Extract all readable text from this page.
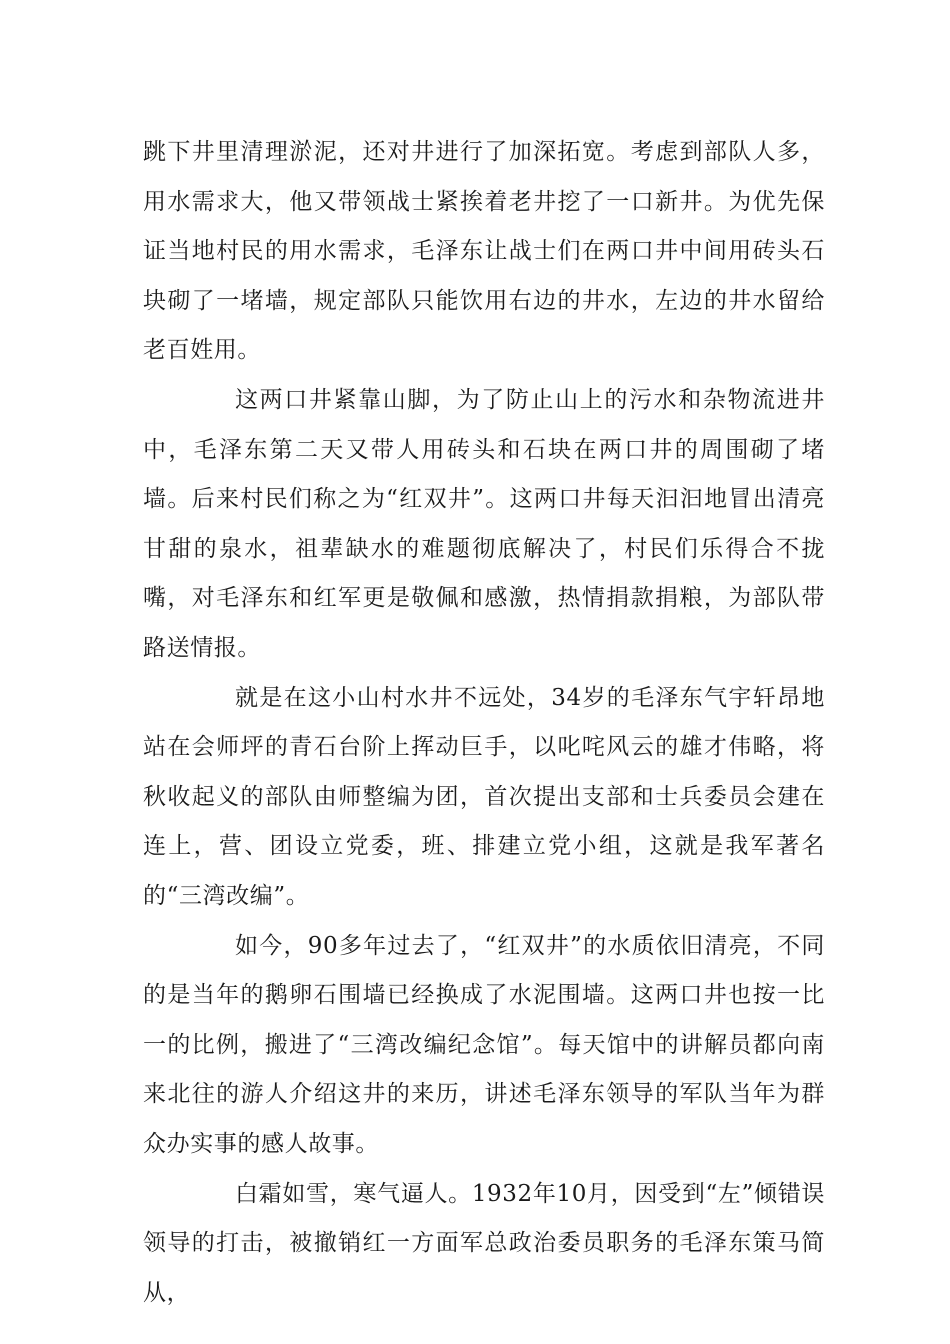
跳下井里清理淤泥，还对井进行了加深拓宽。考虑到部队人多，用水需求大，他又带领战士紧挨着老井挖了一口新井。为优先保证当地村民的用水需求，毛泽东让战士们在两口井中间用砖头石块砌了一堵墙，规定部队只能饮用右边的井水，左边的井水留给老百姓用。

这两口井紧靠山脚，为了防止山上的污水和杂物流进井中，毛泽东第二天又带人用砖头和石块在两口井的周围砌了堵墙。后来村民们称之为“红双井”。这两口井每天汩汩地冒出清亮甘甜的泉水，祖辈缺水的难题彻底解决了，村民们乐得合不拢嘴，对毛泽东和红军更是敬佩和感激，热情捐款捐粮，为部队带路送情报。

就是在这小山村水井不远处，34岁的毛泽东气宇轩昂地站在会师坪的青石台阶上挥动巨手，以叱咤风云的雄才伟略，将秋收起义的部队由师整编为团，首次提出支部和士兵委员会建在连上，营、团设立党委，班、排建立党小组，这就是我军著名的“三湾改编”。

如今，90多年过去了，“红双井”的水质依旧清亮，不同的是当年的鹅卵石围墙已经换成了水泥围墙。这两口井也按一比一的比例，搬进了“三湾改编纪念馆”。每天馆中的讲解员都向南来北往的游人介绍这井的来历，讲述毛泽东领导的军队当年为群众办实事的感人故事。

白霜如雪，寒气逼人。1932年10月，因受到“左”倾错误领导的打击，被撤销红一方面军总政治委员职务的毛泽东策马简从，
